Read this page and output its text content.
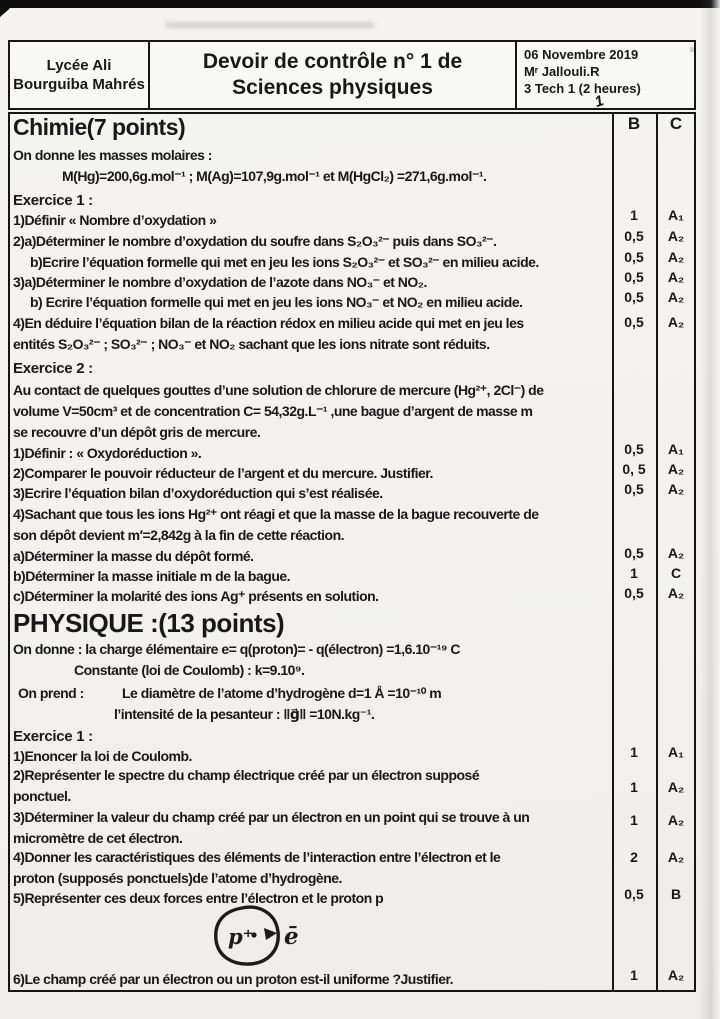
Lycée Ali
Bourguiba Mahrés
Devoir de contrôle n° 1 de
Sciences physiques
06 Novembre 2019
Mʳ Jallouli.R
3 Tech 1 (2 heures)
1
B	C
Chimie(7 points)
On donne les masses molaires :
M(Hg)=200,6g.mol⁻¹ ; M(Ag)=107,9g.mol⁻¹ et M(HgCl₂) =271,6g.mol⁻¹.
Exercice 1 :
1)Définir « Nombre d’oxydation »
2)a)Déterminer le nombre d’oxydation du soufre dans S₂O₃²⁻ puis dans SO₃²⁻.
b)Ecrire l’équation formelle qui met en jeu les ions S₂O₃²⁻ et SO₃²⁻ en milieu acide.
3)a)Déterminer le nombre d’oxydation de l’azote dans NO₃⁻ et NO₂.
b) Ecrire l’équation formelle qui met en jeu les ions NO₃⁻ et NO₂ en milieu acide.
4)En déduire l’équation bilan de la réaction rédox en milieu acide qui met en jeu les
entités S₂O₃²⁻ ; SO₃²⁻ ; NO₃⁻ et NO₂ sachant que les ions nitrate sont réduits.
1	A₁
0,5	A₂
0,5	A₂
0,5	A₂
0,5	A₂
0,5	A₂
Exercice 2 :
Au contact de quelques gouttes d’une solution de chlorure de mercure (Hg²⁺, 2Cl⁻) de
volume V=50cm³ et de concentration C= 54,32g.L⁻¹ ,une bague d’argent de masse m
se recouvre d’un dépôt gris de mercure.
1)Définir : « Oxydoréduction ».
2)Comparer le pouvoir réducteur de l’argent et du mercure. Justifier.
3)Ecrire l’équation bilan d’oxydoréduction qui s’est réalisée.
4)Sachant que tous les ions Hg²⁺ ont réagi et que la masse de la bague recouverte de
son dépôt devient m′=2,842g à la fin de cette réaction.
a)Déterminer la masse du dépôt formé.
b)Déterminer la masse initiale m de la bague.
c)Déterminer la molarité des ions Ag⁺ présents en solution.
0,5	A₁
0, 5	A₂
0,5	A₂
0,5	A₂
1	C
0,5	A₂
PHYSIQUE :(13 points)
On donne : la charge élémentaire e= q(proton)= - q(électron) =1,6.10⁻¹⁹ C
Constante (loi de Coulomb) : k=9.10⁹.
On prend :	Le diamètre de l’atome d’hydrogène d=1 Å =10⁻¹⁰ m
l’intensité de la pesanteur : ‖g⃗‖ =10N.kg⁻¹.
Exercice 1 :
1)Enoncer la loi de Coulomb.
2)Représenter le spectre du champ électrique créé par un électron supposé
ponctuel.
3)Déterminer la valeur du champ créé par un électron en un point qui se trouve à un
micromètre de cet électron.
4)Donner les caractéristiques des éléments de l’interaction entre l’électron et le
proton (supposés ponctuels)de l’atome d’hydrogène.
5)Représenter ces deux forces entre l’électron et le proton p
6)Le champ créé par un électron ou un proton est-il uniforme ?Justifier.
1	A₁
1	A₂
1	A₂
2	A₂
0,5	B
1	A₂
p⁺ ē
